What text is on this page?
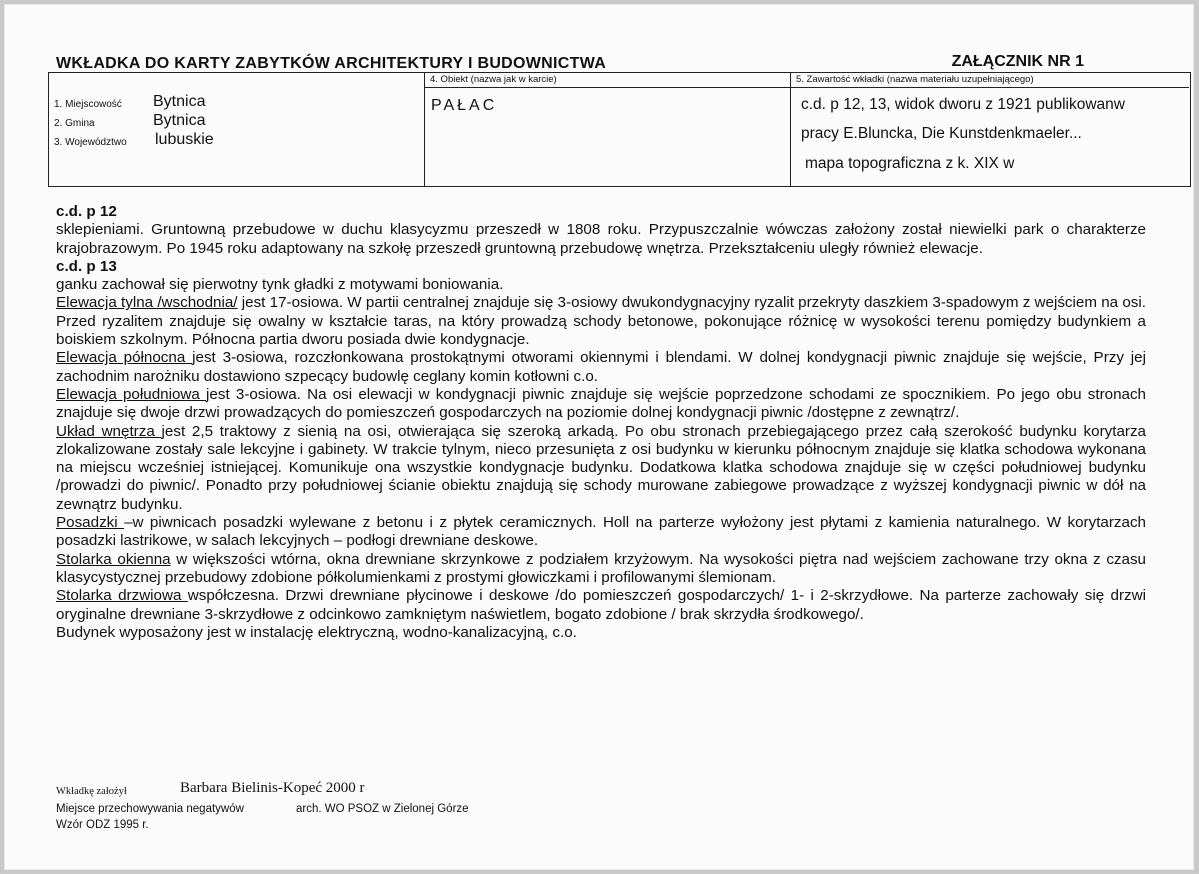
WKŁADKA DO KARTY ZABYTKÓW ARCHITEKTURY I BUDOWNICTWA	ZAŁĄCZNIK NR 1
1. Miejscowość Bytnica
2. Gmina	Bytnica
3. Województwo lubuskie
4. Obiekt (nazwa jak w karcie)
PAŁAC
5. Zawartość wkładki (nazwa materiału uzupełniającego)
c.d. p 12, 13, widok dworu z 1921 publikowanw
pracy E.Bluncka, Die Kunstdenkmaeler...
mapa topograficzna z k. XIX w

c.d. p 12

sklepieniami. Gruntowną przebudowe w duchu klasycyzmu przeszedł w 1808 roku. Przypuszczalnie wówczas założony został niewielki park o charakterze krajobrazowym. Po 1945 roku adaptowany na szkołę przeszedł gruntowną przebudowę wnętrza. Przekształceniu uległy również elewacje.

c.d. p 13

ganku zachował się pierwotny tynk gładki z motywami boniowania.

Elewacja tylna /wschodnia/ jest 17-osiowa. W partii centralnej znajduje się 3-osiowy dwukondygnacyjny ryzalit przekryty daszkiem 3-spadowym z wejściem na osi. Przed ryzalitem znajduje się owalny w kształcie taras, na który prowadzą schody betonowe, pokonujące różnicę w wysokości terenu pomiędzy budynkiem a boiskiem szkolnym. Północna partia dworu posiada dwie kondygnacje.

Elewacja północna jest 3-osiowa, rozczłonkowana prostokątnymi otworami okiennymi i blendami. W dolnej kondygnacji piwnic znajduje się wejście, Przy jej zachodnim narożniku dostawiono szpecący budowlę ceglany komin kotłowni c.o.

Elewacja południowa jest 3-osiowa. Na osi elewacji w kondygnacji piwnic znajduje się wejście poprzedzone schodami ze spocznikiem. Po jego obu stronach znajduje się dwoje drzwi prowadzących do pomieszczeń gospodarczych na poziomie dolnej kondygnacji piwnic /dostępne z zewnątrz/.

Układ wnętrza jest 2,5 traktowy z sienią na osi, otwierająca się szeroką arkadą. Po obu stronach przebiegającego przez całą szerokość budynku korytarza zlokalizowane zostały sale lekcyjne i gabinety. W trakcie tylnym, nieco przesunięta z osi budynku w kierunku północnym znajduje się klatka schodowa wykonana na miejscu wcześniej istniejącej. Komunikuje ona wszystkie kondygnacje budynku. Dodatkowa klatka schodowa znajduje się w części południowej budynku /prowadzi do piwnic/. Ponadto przy południowej ścianie obiektu znajdują się schody murowane zabiegowe prowadzące z wyższej kondygnacji piwnic w dół na zewnątrz budynku.

Posadzki –w piwnicach posadzki wylewane z betonu i z płytek ceramicznych. Holl na parterze wyłożony jest płytami z kamienia naturalnego. W korytarzach posadzki lastrikowe, w salach lekcyjnych – podłogi drewniane deskowe.

Stolarka okienna w większości wtórna, okna drewniane skrzynkowe z podziałem krzyżowym. Na wysokości piętra nad wejściem zachowane trzy okna z czasu klasycystycznej przebudowy zdobione półkolumienkami z prostymi głowiczkami i profilowanymi ślemionam.

Stolarka drzwiowa współczesna. Drzwi drewniane płycinowe i deskowe /do pomieszczeń gospodarczych/ 1- i 2-skrzydłowe. Na parterze zachowały się drzwi oryginalne drewniane 3-skrzydłowe z odcinkowo zamkniętym naświetlem, bogato zdobione / brak skrzydła środkowego/.

Budynek wyposażony jest w instalację elektryczną, wodno-kanalizacyjną, c.o.

Wkładkę założył	Barbara Bielinis-Kopeć 2000 r
Miejsce przechowywania negatywów	arch. WO PSOZ w Zielonej Górze
Wzór ODZ 1995 r.
